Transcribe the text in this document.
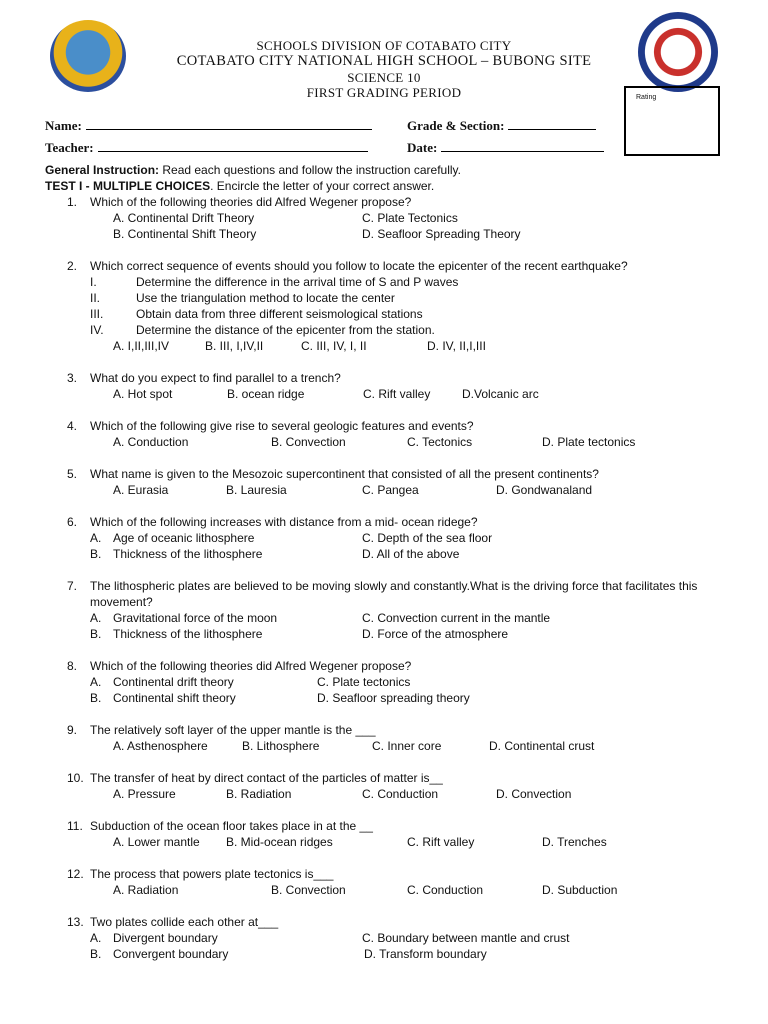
SCHOOLS DIVISION OF COTABATO CITY
COTABATO CITY NATIONAL HIGH SCHOOL – BUBONG SITE
SCIENCE 10
FIRST GRADING PERIOD	Rating
Name:	Grade & Section:
Teacher:	Date:

General Instruction: Read each questions and follow the instruction carefully.

TEST I - MULTIPLE CHOICES. Encircle the letter of your correct answer.

1. Which of the following theories did Alfred Wegener propose?
A. Continental Drift Theory	C. Plate Tectonics
B. Continental Shift Theory	D. Seafloor Spreading Theory
2. Which correct sequence of events should you follow to locate the epicenter of the recent earthquake?
I.	Determine the difference in the arrival time of S and P waves
II.	Use the triangulation method to locate the center
III.	Obtain data from three different seismological stations
IV.	Determine the distance of the epicenter from the station.
A. I,II,III,IV	B. III, I,IV,II	C. III, IV, I, II	D. IV, II,I,III
3. What do you expect to find parallel to a trench?
A. Hot spot	B. ocean ridge	C. Rift valley	D.Volcanic arc
4. Which of the following give rise to several geologic features and events?
A. Conduction	B. Convection	C. Tectonics	D. Plate tectonics
5. What name is given to the Mesozoic supercontinent that consisted of all the present continents?
A. Eurasia	B. Lauresia	C. Pangea	D. Gondwanaland
6. Which of the following increases with distance from a mid- ocean ridege?
A. Age of oceanic lithosphere	C. Depth of the sea floor
B. Thickness of the lithosphere	D. All of the above
7. The lithospheric plates are believed to be moving slowly and constantly.What is the driving force that facilitates this movement?
A. Gravitational force of the moon	C. Convection current in the mantle
B. Thickness of the lithosphere	D. Force of the atmosphere
8. Which of the following theories did Alfred Wegener propose?
A. Continental drift theory	C. Plate tectonics
B. Continental shift theory	D. Seafloor spreading theory
9. The relatively soft layer of the upper mantle is the ___
A. Asthenosphere	B. Lithosphere	C. Inner core	D. Continental crust
10. The transfer of heat by direct contact of the particles of matter is__
A. Pressure	B. Radiation	C. Conduction	D. Convection
11. Subduction of the ocean floor takes place in at the __
A. Lower mantle B. Mid-ocean ridges	C. Rift valley	D. Trenches
12. The process that powers plate tectonics is___
A. Radiation	B. Convection	C. Conduction	D. Subduction
13. Two plates collide each other at___
A. Divergent boundary	C. Boundary between mantle and crust
B. Convergent boundary	D. Transform boundary
